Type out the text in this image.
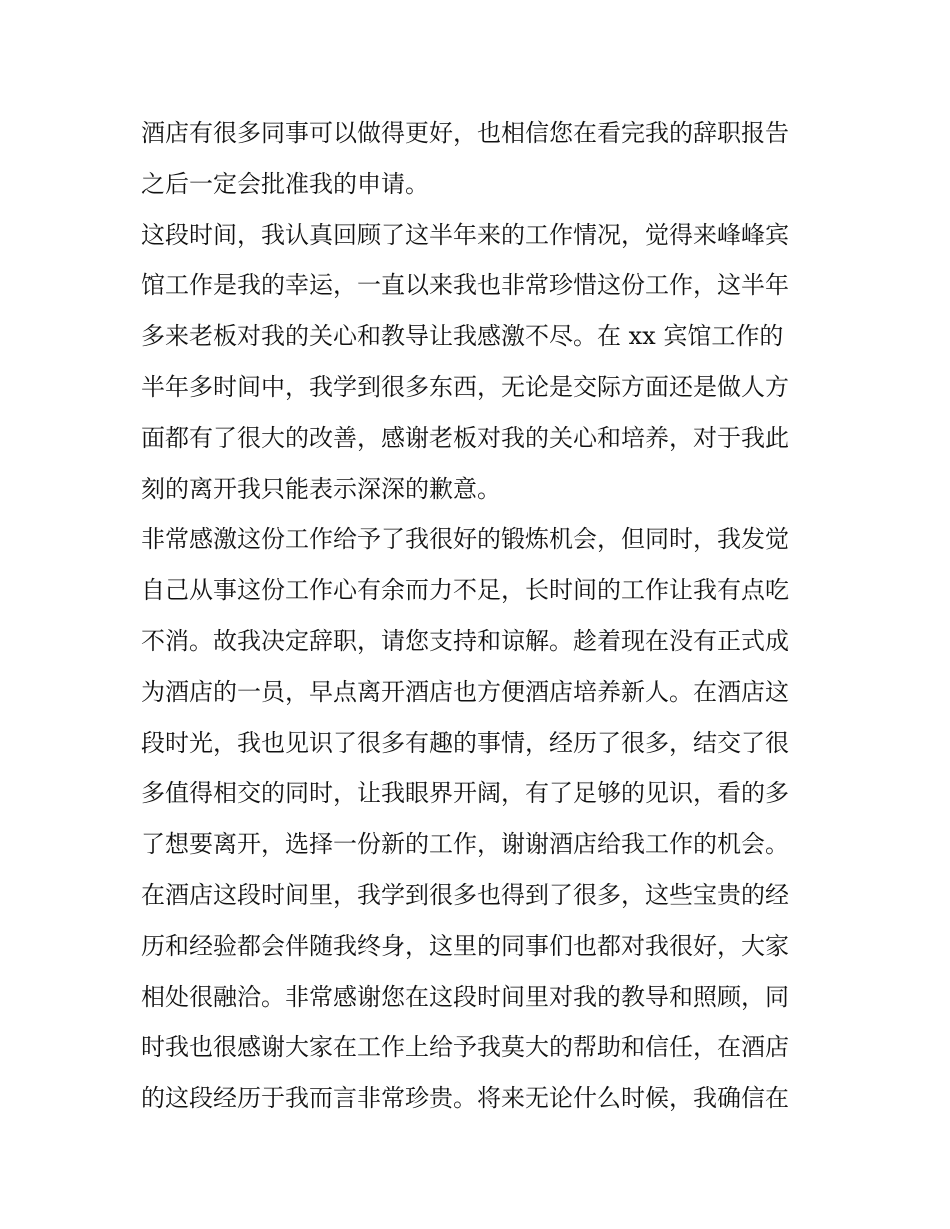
酒店有很多同事可以做得更好，也相信您在看完我的辞职报告
之后一定会批准我的申请。
这段时间，我认真回顾了这半年来的工作情况，觉得来峰峰宾
馆工作是我的幸运，一直以来我也非常珍惜这份工作，这半年
多来老板对我的关心和教导让我感激不尽。在 xx 宾馆工作的
半年多时间中，我学到很多东西，无论是交际方面还是做人方
面都有了很大的改善，感谢老板对我的关心和培养，对于我此
刻的离开我只能表示深深的歉意。
非常感激这份工作给予了我很好的锻炼机会，但同时，我发觉
自己从事这份工作心有余而力不足，长时间的工作让我有点吃
不消。故我决定辞职，请您支持和谅解。趁着现在没有正式成
为酒店的一员，早点离开酒店也方便酒店培养新人。在酒店这
段时光，我也见识了很多有趣的事情，经历了很多，结交了很
多值得相交的同时，让我眼界开阔，有了足够的见识，看的多
了想要离开，选择一份新的工作，谢谢酒店给我工作的机会。
在酒店这段时间里，我学到很多也得到了很多，这些宝贵的经
历和经验都会伴随我终身，这里的同事们也都对我很好，大家
相处很融洽。非常感谢您在这段时间里对我的教导和照顾，同
时我也很感谢大家在工作上给予我莫大的帮助和信任，在酒店
的这段经历于我而言非常珍贵。将来无论什么时候，我确信在
